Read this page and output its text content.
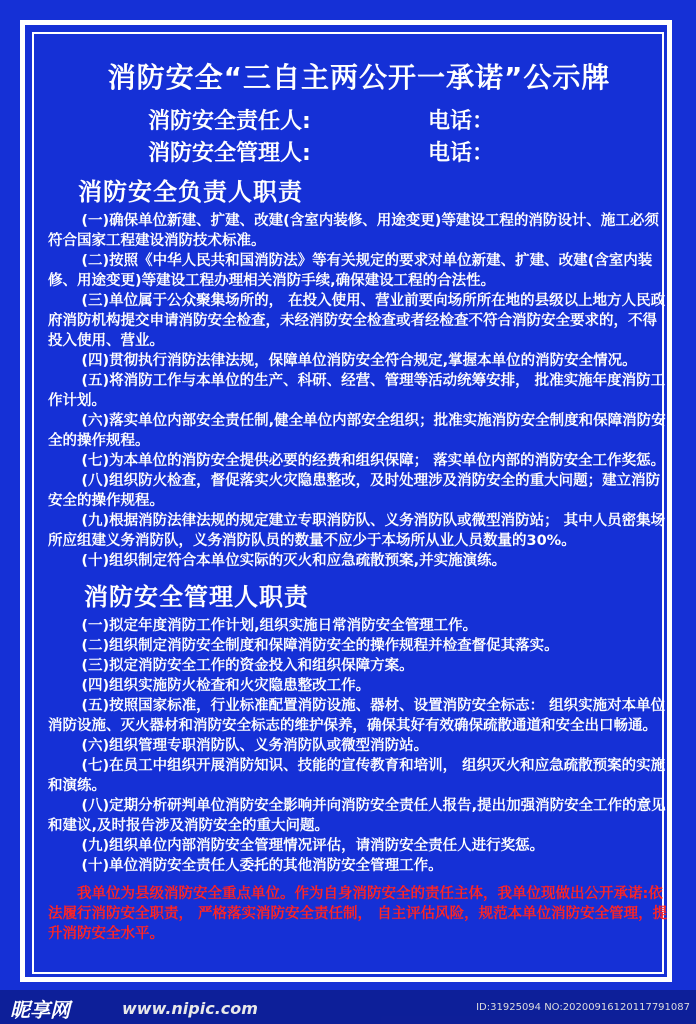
消防安全“三自主两公开一承诺”公示牌
消防安全责任人:	电话：
消防安全管理人:	电话：
消防安全负责人职责

(一)确保单位新建、扩建、改建(含室内装修、用途变更)等建设工程的消防设计、施工必须符合国家工程建设消防技术标准。

(二)按照《中华人民共和国消防法》等有关规定的要求对单位新建、扩建、改建(含室内装修、用途变更)等建设工程办理相关消防手续,确保建设工程的合法性。

(三)单位属于公众聚集场所的， 在投入使用、营业前要向场所所在地的县级以上地方人民政府消防机构提交申请消防安全检查，未经消防安全检查或者经检查不符合消防安全要求的，不得投入使用、营业。

(四)贯彻执行消防法律法规，保障单位消防安全符合规定,掌握本单位的消防安全情况。

(五)将消防工作与本单位的生产、科研、经营、管理等活动统筹安排， 批准实施年度消防工作计划。

(六)落实单位内部安全责任制,健全单位内部安全组织；批准实施消防安全制度和保障消防安全的操作规程。

(七)为本单位的消防安全提供必要的经费和组织保障； 落实单位内部的消防安全工作奖惩。

(八)组织防火检查，督促落实火灾隐患整改，及时处理涉及消防安全的重大问题；建立消防安全的操作规程。

(九)根据消防法律法规的规定建立专职消防队、义务消防队或微型消防站； 其中人员密集场所应组建义务消防队，义务消防队员的数量不应少于本场所从业人员数量的30%。

(十)组织制定符合本单位实际的灭火和应急疏散预案,并实施演练。

消防安全管理人职责

(一)拟定年度消防工作计划,组织实施日常消防安全管理工作。

(二)组织制定消防安全制度和保障消防安全的操作规程并检查督促其落实。

(三)拟定消防安全工作的资金投入和组织保障方案。

(四)组织实施防火检查和火灾隐患整改工作。

(五)按照国家标准，行业标准配置消防设施、器材、设置消防安全标志： 组织实施对本单位消防设施、灭火器材和消防安全标志的维护保养，确保其好有效确保疏散通道和安全出口畅通。

(六)组织管理专职消防队、义务消防队或微型消防站。

(七)在员工中组织开展消防知识、技能的宣传教育和培训， 组织灭火和应急疏散预案的实施和演练。

(八)定期分析研判单位消防安全影响并向消防安全责任人报告,提出加强消防安全工作的意见和建议,及时报告涉及消防安全的重大问题。

(九)组织单位内部消防安全管理情况评估，请消防安全责任人进行奖惩。

(十)单位消防安全责任人委托的其他消防安全管理工作。

我单位为县级消防安全重点单位。作为自身消防安全的责任主体，我单位现做出公开承诺:依法履行消防安全职责， 严格落实消防安全责任制， 自主评估风险，规范本单位消防安全管理，提升消防安全水平。
昵享网	www.nipic.com	ID:31925094 NO:20200916120117791087
